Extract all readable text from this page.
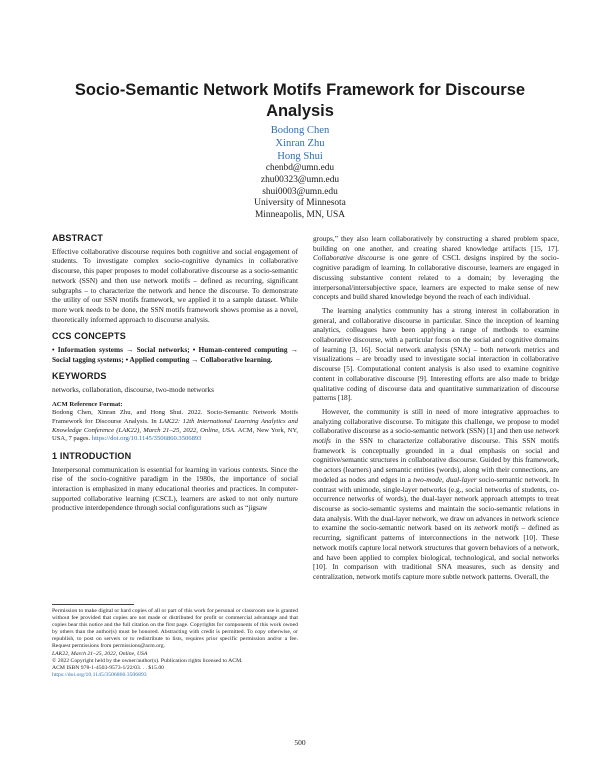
Socio-Semantic Network Motifs Framework for Discourse Analysis
Bodong Chen
Xinran Zhu
Hong Shui
chenbd@umn.edu
zhu00323@umn.edu
shui0003@umn.edu
University of Minnesota
Minneapolis, MN, USA
ABSTRACT
Effective collaborative discourse requires both cognitive and social engagement of students. To investigate complex socio-cognitive dynamics in collaborative discourse, this paper proposes to model collaborative discourse as a socio-semantic network (SSN) and then use network motifs – defined as recurring, significant subgraphs – to characterize the network and hence the discourse. To demonstrate the utility of our SSN motifs framework, we applied it to a sample dataset. While more work needs to be done, the SSN motifs framework shows promise as a novel, theoretically informed approach to discourse analysis.
CCS CONCEPTS
• Information systems → Social networks; • Human-centered computing → Social tagging systems; • Applied computing → Collaborative learning.
KEYWORDS
networks, collaboration, discourse, two-mode networks
ACM Reference Format:
Bodong Chen, Xinran Zhu, and Hong Shui. 2022. Socio-Semantic Network Motifs Framework for Discourse Analysis. In LAK22: 12th International Learning Analytics and Knowledge Conference (LAK22), March 21–25, 2022, Online, USA. ACM, New York, NY, USA, 7 pages. https://doi.org/10.1145/3506860.3506893
1 INTRODUCTION
Interpersonal communication is essential for learning in various contexts. Since the rise of the socio-cognitive paradigm in the 1980s, the importance of social interaction is emphasized in many educational theories and practices. In computer-supported collaborative learning (CSCL), learners are asked to not only nurture productive interdependence through social configurations such as “jigsaw
Permission to make digital or hard copies of all or part of this work for personal or classroom use is granted without fee provided that copies are not made or distributed for profit or commercial advantage and that copies bear this notice and the full citation on the first page. Copyrights for components of this work owned by others than the author(s) must be honored. Abstracting with credit is permitted. To copy otherwise, or republish, to post on servers or to redistribute to lists, requires prior specific permission and/or a fee. Request permissions from permissions@acm.org.
LAK22, March 21–25, 2022, Online, USA
© 2022 Copyright held by the owner/author(s). Publication rights licensed to ACM.
ACM ISBN 978-1-4503-9573-1/22/03. . . $15.00
https://doi.org/10.1145/3506860.3506893
groups,” they also learn collaboratively by constructing a shared problem space, building on one another, and creating shared knowledge artifacts [15, 17]. Collaborative discourse is one genre of CSCL designs inspired by the socio-cognitive paradigm of learning. In collaborative discourse, learners are engaged in discussing substantive content related to a domain; by leveraging the interpersonal/intersubjective space, learners are expected to make sense of new concepts and build shared knowledge beyond the reach of each individual.
The learning analytics community has a strong interest in collaboration in general, and collaborative discourse in particular. Since the inception of learning analytics, colleagues have been applying a range of methods to examine collaborative discourse, with a particular focus on the social and cognitive domains of learning [3, 16]. Social network analysis (SNA) – both network metrics and visualizations – are broadly used to investigate social interaction in collaborative discourse [5]. Computational content analysis is also used to examine cognitive content in collaborative discourse [9]. Interesting efforts are also made to bridge qualitative coding of discourse data and quantitative summarization of discourse patterns [18].
However, the community is still in need of more integrative approaches to analyzing collaborative discourse. To mitigate this challenge, we propose to model collaborative discourse as a socio-semantic network (SSN) [1] and then use network motifs in the SSN to characterize collaborative discourse. This SSN motifs framework is conceptually grounded in a dual emphasis on social and cognitive/semantic structures in collaborative discourse. Guided by this framework, the actors (learners) and semantic entities (words), along with their connections, are modeled as nodes and edges in a two-mode, dual-layer socio-semantic network. In contrast with unimode, single-layer networks (e.g., social networks of students, co-occurrence networks of words), the dual-layer network approach attempts to treat discourse as socio-semantic systems and maintain the socio-semantic relations in data analysis. With the dual-layer network, we draw on advances in network science to examine the socio-semantic network based on its network motifs – defined as recurring, significant patterns of interconnections in the network [10]. These network motifs capture local network structures that govern behaviors of a network, and have been applied to complex biological, technological, and social networks [10]. In comparison with traditional SNA measures, such as density and centralization, network motifs capture more subtle network patterns. Overall, the
500
